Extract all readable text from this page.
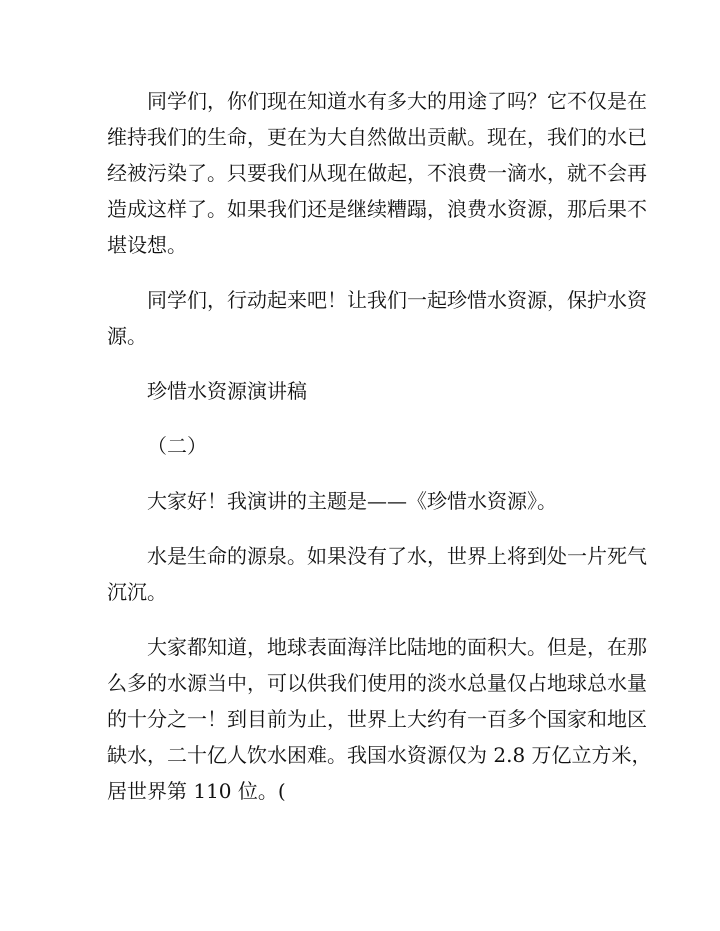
同学们，你们现在知道水有多大的用途了吗？它不仅是在
维持我们的生命，更在为大自然做出贡献。现在，我们的水已
经被污染了。只要我们从现在做起，不浪费一滴水，就不会再
造成这样了。如果我们还是继续糟蹋，浪费水资源，那后果不
堪设想。

同学们，行动起来吧！让我们一起珍惜水资源，保护水资
源。

珍惜水资源演讲稿

（二）

大家好！我演讲的主题是——《珍惜水资源》。

水是生命的源泉。如果没有了水，世界上将到处一片死气
沉沉。

大家都知道，地球表面海洋比陆地的面积大。但是，在那
么多的水源当中，可以供我们使用的淡水总量仅占地球总水量
的十分之一！到目前为止，世界上大约有一百多个国家和地区
缺水，二十亿人饮水困难。我国水资源仅为 2.8 万亿立方米，
居世界第 110 位。(
